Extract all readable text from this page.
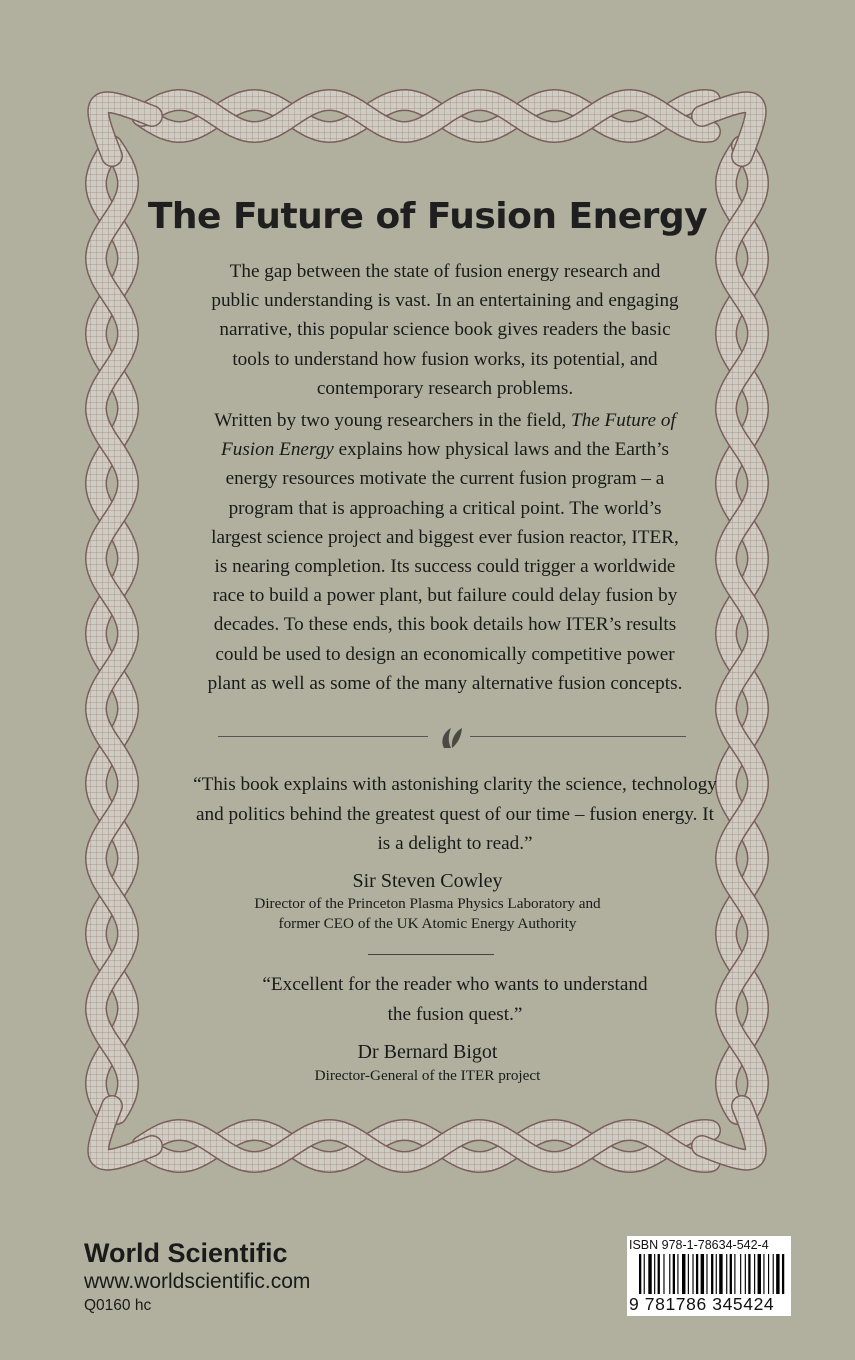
The Future of Fusion Energy

The gap between the state of fusion energy research and public understanding is vast. In an entertaining and engaging narrative, this popular science book gives readers the basic tools to understand how fusion works, its potential, and contemporary research problems.

Written by two young researchers in the field, The Future of Fusion Energy explains how physical laws and the Earth’s energy resources motivate the current fusion program – a program that is approaching a critical point. The world’s largest science project and biggest ever fusion reactor, ITER, is nearing completion. Its success could trigger a worldwide race to build a power plant, but failure could delay fusion by decades. To these ends, this book details how ITER’s results could be used to design an economically competitive power plant as well as some of the many alternative fusion concepts.

“This book explains with astonishing clarity the science, technology and politics behind the greatest quest of our time – fusion energy. It is a delight to read.”

Sir Steven Cowley
Director of the Princeton Plasma Physics Laboratory and
former CEO of the UK Atomic Energy Authority

“Excellent for the reader who wants to understand the fusion quest.”

Dr Bernard Bigot
Director-General of the ITER project
World Scientific
www.worldscientific.com
Q0160 hc
ISBN 978-1-78634-542-4
9 781786 345424
